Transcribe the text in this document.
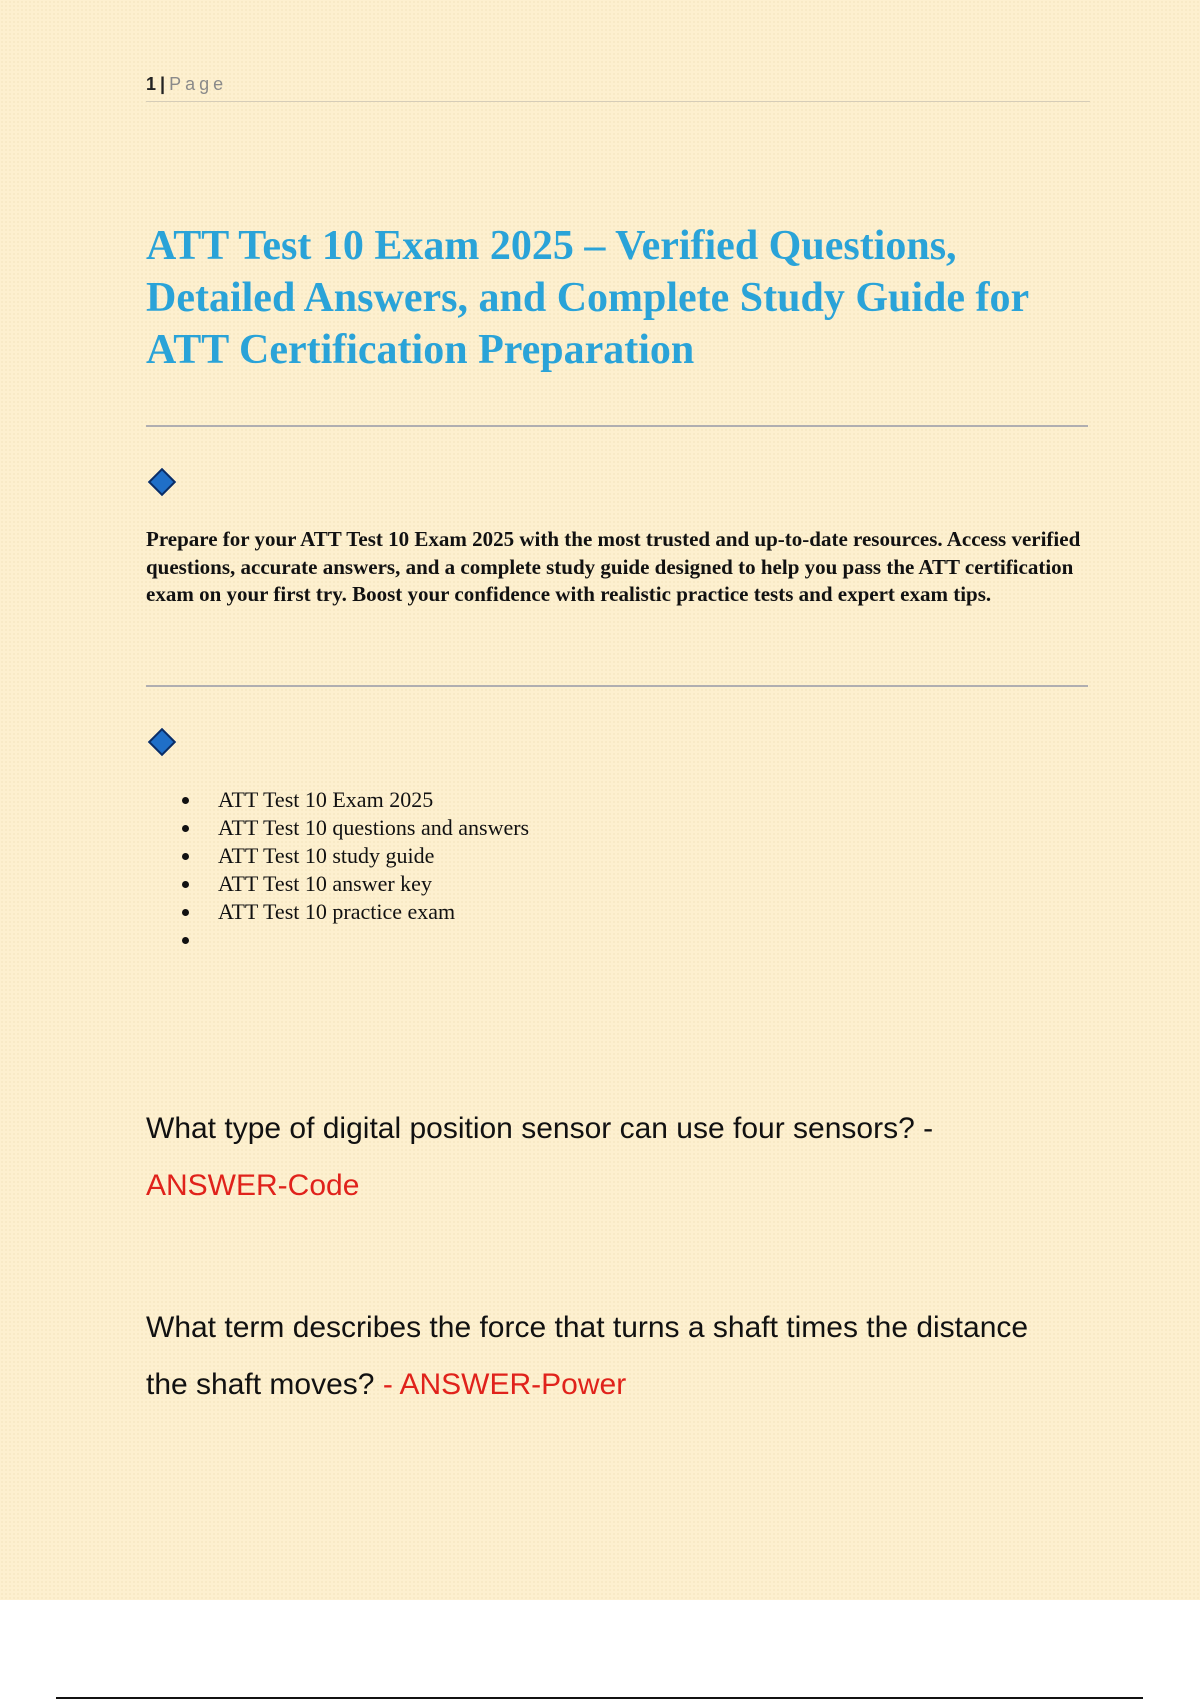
1 | Page
ATT Test 10 Exam 2025 – Verified Questions, Detailed Answers, and Complete Study Guide for ATT Certification Preparation

Prepare for your ATT Test 10 Exam 2025 with the most trusted and up-to-date resources. Access verified questions, accurate answers, and a complete study guide designed to help you pass the ATT certification exam on your first try. Boost your confidence with realistic practice tests and expert exam tips.

ATT Test 10 Exam 2025
ATT Test 10 questions and answers
ATT Test 10 study guide
ATT Test 10 answer key
ATT Test 10 practice exam

What type of digital position sensor can use four sensors? -
ANSWER-Code

What term describes the force that turns a shaft times the distance the shaft moves? - ANSWER-Power
